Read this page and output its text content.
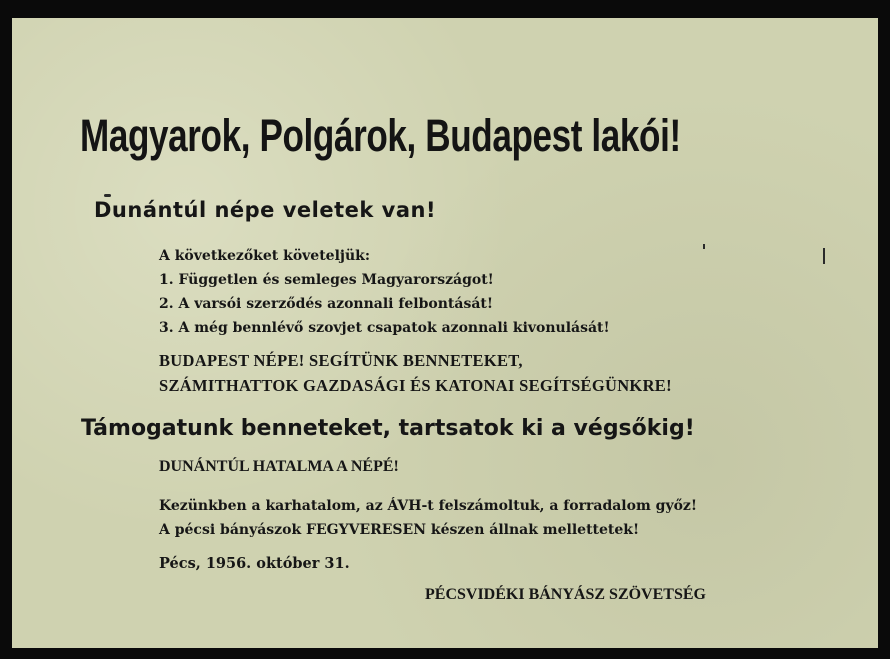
Magyarok, Polgárok, Budapest lakói!
Dunántúl népe veletek van!
A következőket követeljük:
1. Független és semleges Magyarországot!
2. A varsói szerződés azonnali felbontását!
3. A még bennlévő szovjet csapatok azonnali kivonulását!
BUDAPEST NÉPE! SEGÍTÜNK BENNETEKET,
SZÁMITHATTOK GAZDASÁGI ÉS KATONAI SEGÍTSÉGÜNKRE!
Támogatunk benneteket, tartsatok ki a végsőkig!
DUNÁNTÚL HATALMA A NÉPÉ!
Kezünkben a karhatalom, az ÁVH-t felszámoltuk, a forradalom győz!
A pécsi bányászok FEGYVERESEN készen állnak mellettetek!
Pécs, 1956. október 31.
PÉCSVIDÉKI BÁNYÁSZ SZÖVETSÉG
